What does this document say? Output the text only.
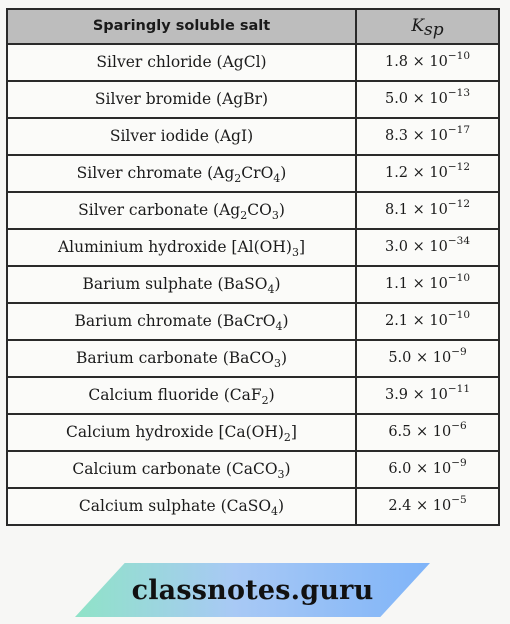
Sparingly soluble salt	$K_{sp}$
Silver chloride (AgCl)	$1.8 \times 10^{-10}$
Silver bromide (AgBr)	$5.0 \times 10^{-13}$
Silver iodide (AgI)	$8.3 \times 10^{-17}$
Silver chromate $(Ag_2CrO_4)$	$1.2 \times 10^{-12}$
Silver carbonate $(Ag_2CO_3)$	$8.1 \times 10^{-12}$
Aluminium hydroxide $[Al(OH)_3]$	$3.0 \times 10^{-34}$
Barium sulphate (BaSO$_4$)	$1.1 \times 10^{-10}$
Barium chromate (BaCrO$_4$)	$2.1 \times 10^{-10}$
Barium carbonate (BaCO$_3$)	$5.0 \times 10^{-9}$
Calcium fluoride (CaF$_2$)	$3.9 \times 10^{-11}$
Calcium hydroxide $[Ca(OH)_2]$	$6.5 \times 10^{-6}$
Calcium carbonate (CaCO$_3$)	$6.0 \times 10^{-9}$
Calcium sulphate (CaSO$_4$)	$2.4 \times 10^{-5}$
classnotes.guru
